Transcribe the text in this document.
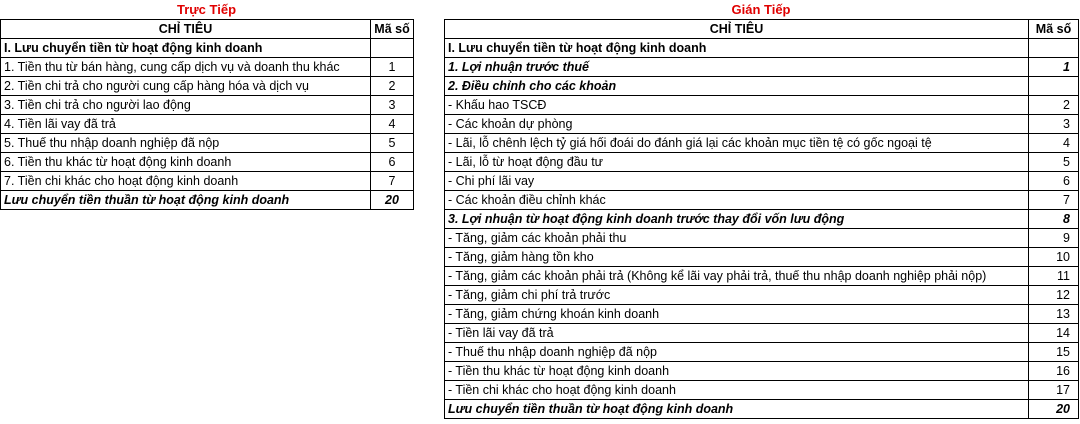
Trực Tiếp
CHỈ TIÊU	Mã số
I. Lưu chuyển tiền từ hoạt động kinh doanh	
1. Tiền thu từ bán hàng, cung cấp dịch vụ và doanh thu khác	1
2. Tiền chi trả cho người cung cấp hàng hóa và dịch vụ	2
3. Tiền chi trả cho người lao động	3
4. Tiền lãi vay đã trả	4
5. Thuế thu nhập doanh nghiệp đã nộp	5
6. Tiền thu khác từ hoạt động kinh doanh	6
7. Tiền chi khác cho hoạt động kinh doanh	7
Lưu chuyển tiền thuần từ hoạt động kinh doanh	20
Gián Tiếp
CHỈ TIÊU	Mã số
I. Lưu chuyển tiền từ hoạt động kinh doanh	
1. Lợi nhuận trước thuế	1
2. Điều chỉnh cho các khoản	
- Khấu hao TSCĐ	2
- Các khoản dự phòng	3
- Lãi, lỗ chênh lệch tỷ giá hối đoái do đánh giá lại các khoản mục tiền tệ có gốc ngoại tệ	4
- Lãi, lỗ từ hoạt động đầu tư	5
- Chi phí lãi vay	6
- Các khoản điều chỉnh khác	7
3. Lợi nhuận từ hoạt động kinh doanh trước thay đổi vốn lưu động	8
- Tăng, giảm các khoản phải thu	9
- Tăng, giảm hàng tồn kho	10
- Tăng, giảm các khoản phải trả (Không kể lãi vay phải trả, thuế thu nhập doanh nghiệp phải nộp)	11
- Tăng, giảm chi phí trả trước	12
- Tăng, giảm chứng khoán kinh doanh	13
- Tiền lãi vay đã trả	14
- Thuế thu nhập doanh nghiệp đã nộp	15
- Tiền thu khác từ hoạt động kinh doanh	16
- Tiền chi khác cho hoạt động kinh doanh	17
Lưu chuyển tiền thuần từ hoạt động kinh doanh	20
